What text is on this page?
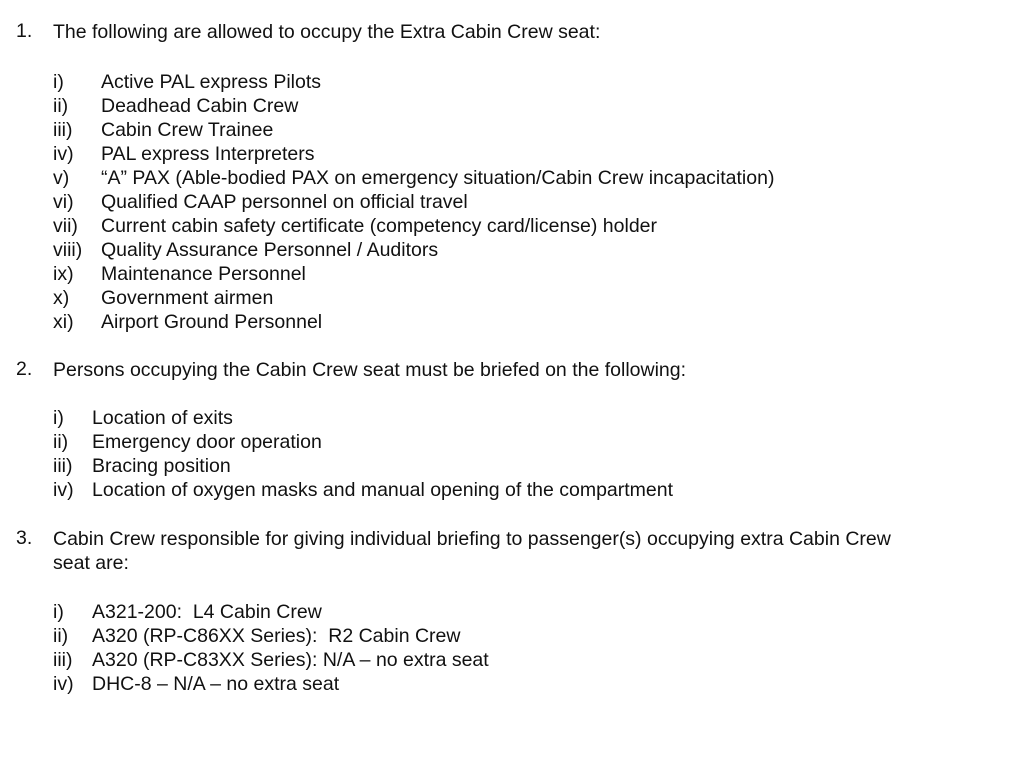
1. The following are allowed to occupy the Extra Cabin Crew seat:
i) Active PAL express Pilots
ii) Deadhead Cabin Crew
iii) Cabin Crew Trainee
iv) PAL express Interpreters
v) “A” PAX (Able-bodied PAX on emergency situation/Cabin Crew incapacitation)
vi) Qualified CAAP personnel on official travel
vii) Current cabin safety certificate (competency card/license) holder
viii) Quality Assurance Personnel / Auditors
ix) Maintenance Personnel
x) Government airmen
xi) Airport Ground Personnel
2. Persons occupying the Cabin Crew seat must be briefed on the following:
i) Location of exits
ii) Emergency door operation
iii) Bracing position
iv) Location of oxygen masks and manual opening of the compartment
3. Cabin Crew responsible for giving individual briefing to passenger(s) occupying extra Cabin Crew
seat are:
i) A321-200:  L4 Cabin Crew
ii) A320 (RP-C86XX Series):  R2 Cabin Crew
iii) A320 (RP-C83XX Series): N/A – no extra seat
iv) DHC-8 – N/A – no extra seat
